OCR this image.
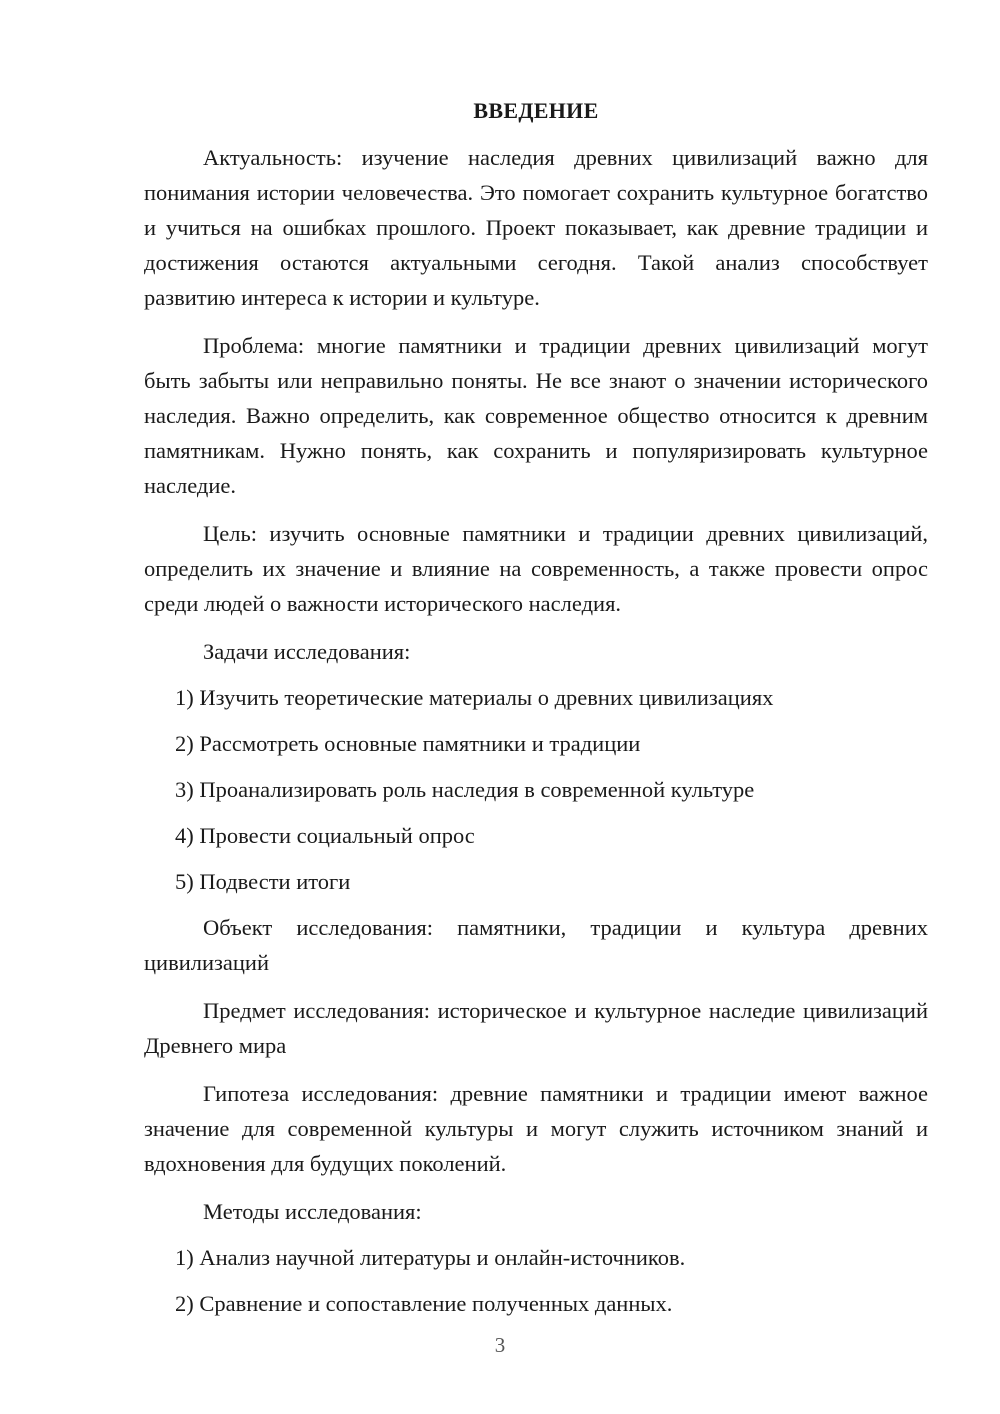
ВВЕДЕНИЕ

Актуальность: изучение наследия древних цивилизаций важно для понимания истории человечества. Это помогает сохранить культурное богатство и учиться на ошибках прошлого. Проект показывает, как древние традиции и достижения остаются актуальными сегодня. Такой анализ способствует развитию интереса к истории и культуре.

Проблема: многие памятники и традиции древних цивилизаций могут быть забыты или неправильно поняты. Не все знают о значении исторического наследия. Важно определить, как современное общество относится к древним памятникам. Нужно понять, как сохранить и популяризировать культурное наследие.

Цель: изучить основные памятники и традиции древних цивилизаций, определить их значение и влияние на современность, а также провести опрос среди людей о важности исторического наследия.

Задачи исследования:
1) Изучить теоретические материалы о древних цивилизациях
2) Рассмотреть основные памятники и традиции
3) Проанализировать роль наследия в современной культуре
4) Провести социальный опрос
5) Подвести итоги

Объект исследования: памятники, традиции и культура древних цивилизаций

Предмет исследования: историческое и культурное наследие цивилизаций Древнего мира

Гипотеза исследования: древние памятники и традиции имеют важное значение для современной культуры и могут служить источником знаний и вдохновения для будущих поколений.

Методы исследования:
1) Анализ научной литературы и онлайн-источников.
2) Сравнение и сопоставление полученных данных.
3
